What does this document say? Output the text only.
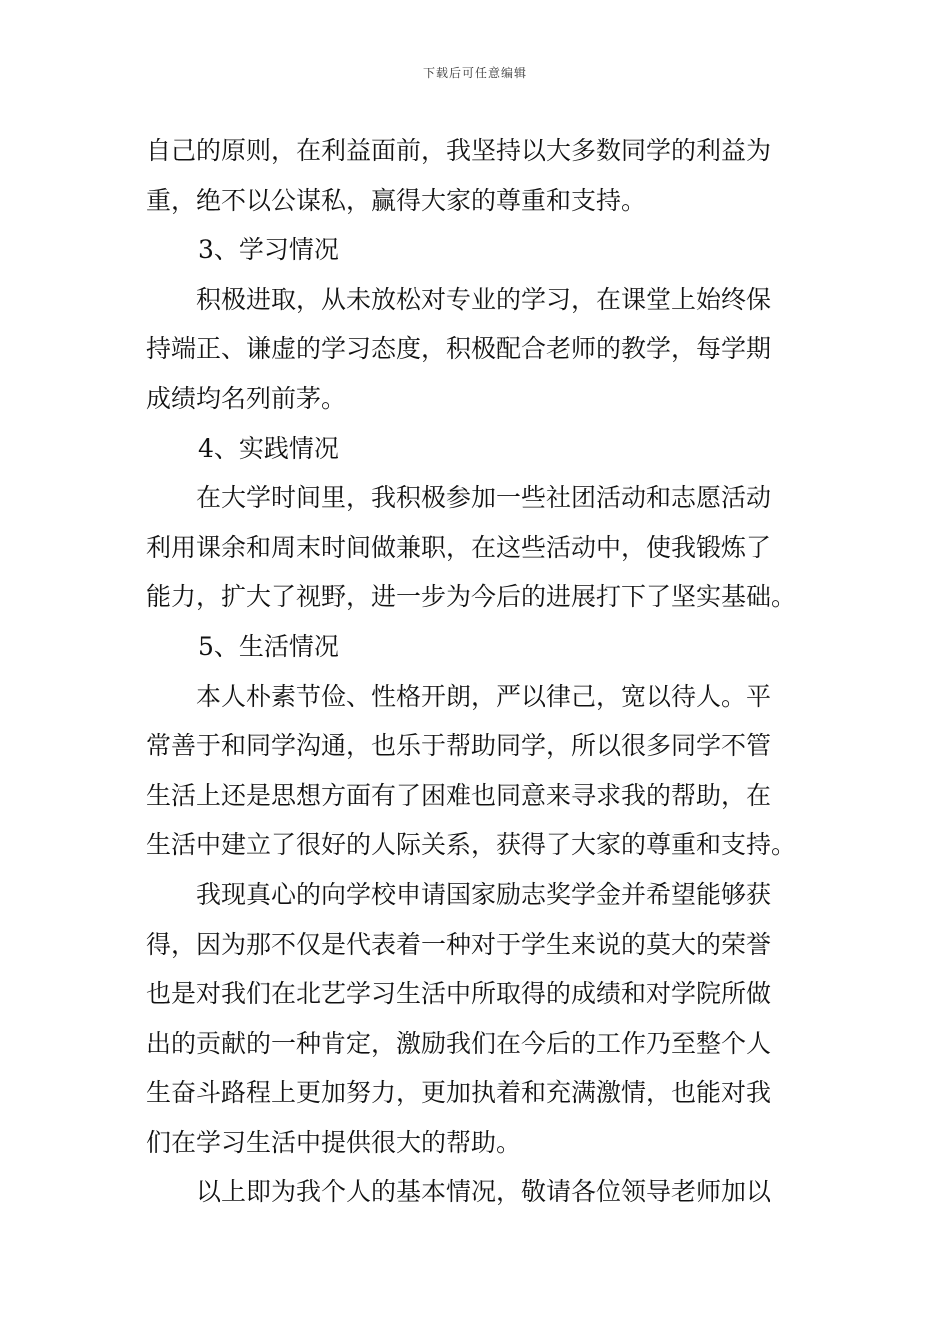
下载后可任意编辑
自己的原则，在利益面前，我坚持以大多数同学的利益为
重，绝不以公谋私，赢得大家的尊重和支持。
3、学习情况
积极进取，从未放松对专业的学习，在课堂上始终保
持端正、谦虚的学习态度，积极配合老师的教学，每学期
成绩均名列前茅。
4、实践情况
在大学时间里，我积极参加一些社团活动和志愿活动
利用课余和周末时间做兼职，在这些活动中，使我锻炼了
能力，扩大了视野，进一步为今后的进展打下了坚实基础。
5、生活情况
本人朴素节俭、性格开朗，严以律己，宽以待人。平
常善于和同学沟通，也乐于帮助同学，所以很多同学不管
生活上还是思想方面有了困难也同意来寻求我的帮助，在
生活中建立了很好的人际关系，获得了大家的尊重和支持。
我现真心的向学校申请国家励志奖学金并希望能够获
得，因为那不仅是代表着一种对于学生来说的莫大的荣誉
也是对我们在北艺学习生活中所取得的成绩和对学院所做
出的贡献的一种肯定，激励我们在今后的工作乃至整个人
生奋斗路程上更加努力，更加执着和充满激情，也能对我
们在学习生活中提供很大的帮助。
以上即为我个人的基本情况，敬请各位领导老师加以
